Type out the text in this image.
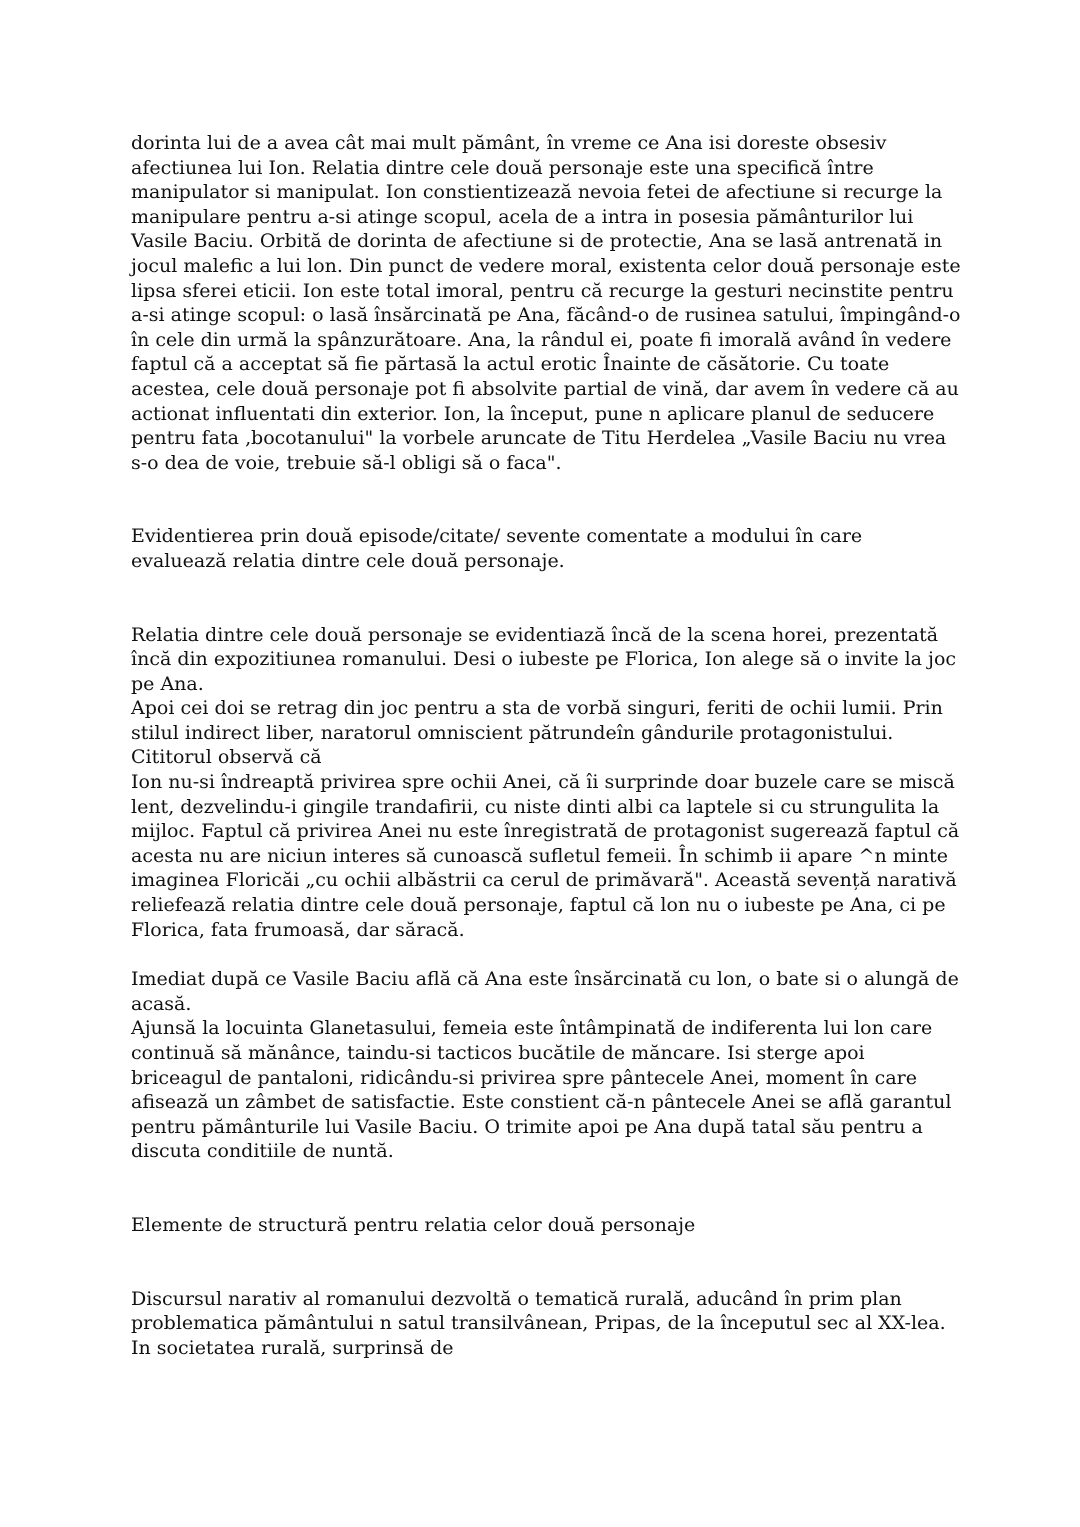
dorinta lui de a avea cât mai mult pământ, în vreme ce Ana isi doreste obsesiv afectiunea lui Ion. Relatia dintre cele două personaje este una specifică între manipulator si manipulat. Ion constientizează nevoia fetei de afectiune si recurge la manipulare pentru a-si atinge scopul, acela de a intra in posesia pământurilor lui Vasile Baciu. Orbită de dorinta de afectiune si de protectie, Ana se lasă antrenată in jocul malefic a lui lon. Din punct de vedere moral, existenta celor două personaje este lipsa sferei eticii. Ion este total imoral, pentru că recurge la gesturi necinstite pentru a-si atinge scopul: o lasă însărcinată pe Ana, făcând-o de rusinea satului, împingând-o în cele din urmă la spânzurătoare. Ana, la rândul ei, poate fi imorală având în vedere faptul că a acceptat să fie părtasă la actul erotic Înainte de căsătorie. Cu toate acestea, cele două personaje pot fi absolvite partial de vină, dar avem în vedere că au actionat influentati din exterior. Ion, la început, pune n aplicare planul de seducere pentru fata ‚bocotanului" la vorbele aruncate de Titu Herdelea „Vasile Baciu nu vrea s-o dea de voie, trebuie să-l obligi să o faca".

Evidentierea prin două episode/citate/ sevente comentate a modului în care evaluează relatia dintre cele două personaje.

Relatia dintre cele două personaje se evidentiază încă de la scena horei, prezentată încă din expozitiunea romanului. Desi o iubeste pe Florica, Ion alege să o invite la joc pe Ana.

Apoi cei doi se retrag din joc pentru a sta de vorbă singuri, feriti de ochii lumii. Prin stilul indirect liber, naratorul omniscient pătrundeîn gândurile protagonistului. Cititorul observă că

Ion nu-si îndreaptă privirea spre ochii Anei, că îi surprinde doar buzele care se miscă lent, dezvelindu-i gingile trandafirii, cu niste dinti albi ca laptele si cu strungulita la mijloc. Faptul că privirea Anei nu este înregistrată de protagonist sugerează faptul că acesta nu are niciun interes să cunoască sufletul femeii. În schimb ii apare ^n minte imaginea Floricăi „cu ochii albăstrii ca cerul de primăvară". Această sevență narativă reliefează relatia dintre cele două personaje, faptul că lon nu o iubeste pe Ana, ci pe Florica, fata frumoasă, dar săracă.

Imediat după ce Vasile Baciu află că Ana este însărcinată cu lon, o bate si o alungă de acasă.

Ajunsă la locuinta Glanetasului, femeia este întâmpinată de indiferenta lui lon care continuă să mănânce, taindu-si tacticos bucătile de măncare. Isi sterge apoi briceagul de pantaloni, ridicându-si privirea spre pântecele Anei, moment în care afisează un zâmbet de satisfactie. Este constient că-n pântecele Anei se află garantul pentru pământurile lui Vasile Baciu. O trimite apoi pe Ana după tatal său pentru a discuta conditiile de nuntă.

Elemente de structură pentru relatia celor două personaje

Discursul narativ al romanului dezvoltă o tematică rurală, aducând în prim plan problematica pământului n satul transilvânean, Pripas, de la începutul sec al XX-lea. In societatea rurală, surprinsă de
